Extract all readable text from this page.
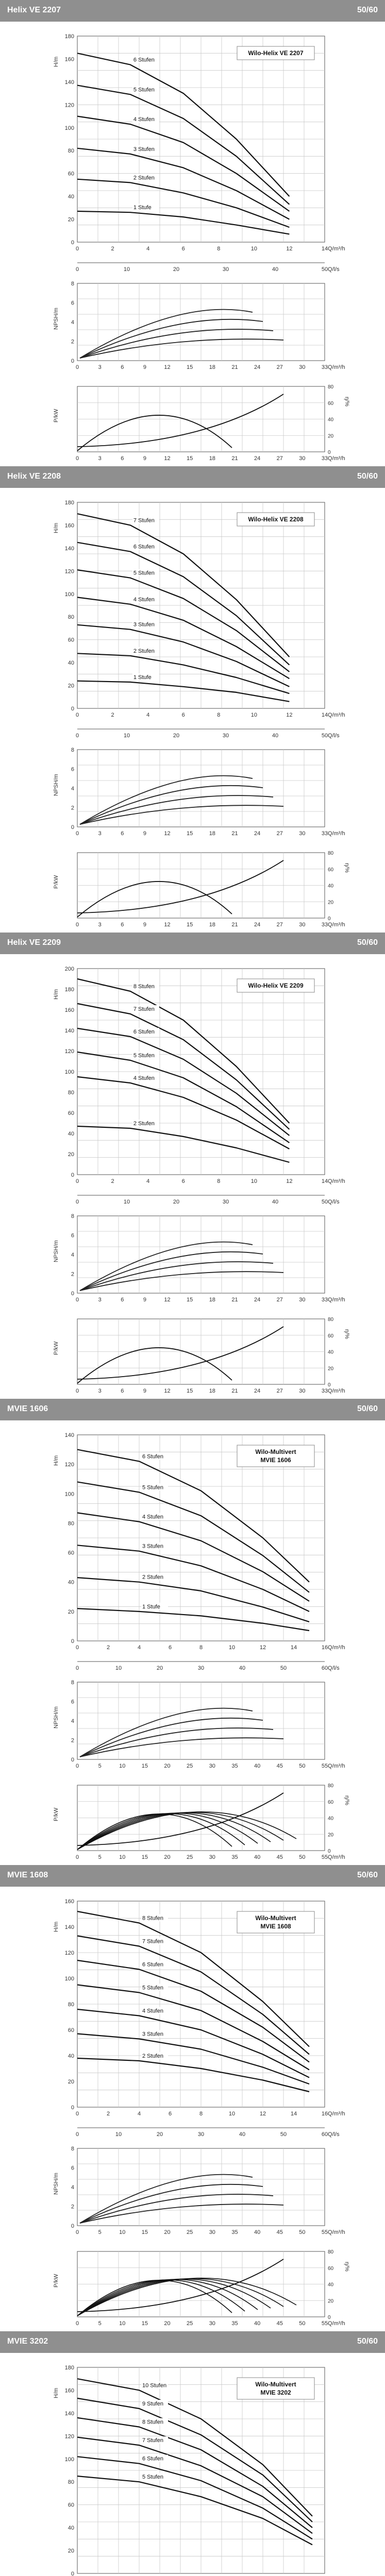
Helix VE 2207	50/60
0
20
40
60
80
100
120
140
160
180
H/m
0	2	4	6	8	10	12	14 Q/m³/h
Wilo-Helix VE 2207
6 Stufen
5 Stufen
4 Stufen
3 Stufen
2 Stufen
1 Stufe
0	10	20	30	40	50 Q/l/s
NPSH/m
0
2
4
6
8
0	3	6	9	12	15	18	21	24	27	30	33 Q/m³/h
P/kW
η/%
0
20
40
60
80
0	3	6	9	12	15	18	21	24	27	30	33 Q/m³/h
Helix VE 2208	50/60
0
20
40
60
80
100
120
140
160
180
H/m
0	2	4	6	8	10	12	14 Q/m³/h
Wilo-Helix VE 2208
7 Stufen
6 Stufen
5 Stufen
4 Stufen
3 Stufen
2 Stufen
1 Stufe
0	10	20	30	40	50 Q/l/s
NPSH/m
0
2
4
6
8
0	3	6	9	12	15	18	21	24	27	30	33 Q/m³/h
P/kW
η/%
0
20
40
60
80
0	3	6	9	12	15	18	21	24	27	30	33 Q/m³/h
Helix VE 2209	50/60
0
20
40
60
80
100
120
140
160
180
200
H/m
0	2	4	6	8	10	12	14 Q/m³/h
Wilo-Helix VE 2209
8 Stufen
7 Stufen
6 Stufen
5 Stufen
4 Stufen
2 Stufen
0	10	20	30	40	50 Q/l/s
NPSH/m
0
2
4
6
8
0	3	6	9	12	15	18	21	24	27	30	33 Q/m³/h
P/kW
η/%
0
20
40
60
80
0	3	6	9	12	15	18	21	24	27	30	33 Q/m³/h
MVIE 1606	50/60
0
20
40
60
80
100
120
140
H/m
0	2	4	6	8	10	12	14	16 Q/m³/h
Wilo-Multivert
MVIE 1606
6 Stufen
5 Stufen
4 Stufen
3 Stufen
2 Stufen
1 Stufe
0	10	20	30	40	50	60 Q/l/s
NPSH/m
0
2
4
6
8
0	5	10	15	20	25	30	35	40	45	50	55 Q/m³/h
P/kW
η/%
0
20
40
60
80
0	5	10	15	20	25	30	35	40	45	50	55 Q/m³/h
MVIE 1608	50/60
0
20
40
60
80
100
120
140
160
H/m
0	2	4	6	8	10	12	14	16 Q/m³/h
Wilo-Multivert
MVIE 1608
8 Stufen
7 Stufen
6 Stufen
5 Stufen
4 Stufen
3 Stufen
2 Stufen
0	10	20	30	40	50	60 Q/l/s
NPSH/m
0
2
4
6
8
0	5	10	15	20	25	30	35	40	45	50	55 Q/m³/h
P/kW
η/%
0
20
40
60
80
0	5	10	15	20	25	30	35	40	45	50	55 Q/m³/h
MVIE 3202	50/60
0
20
40
60
80
100
120
140
160
180
H/m
Wilo-Multivert
MVIE 3202
10 Stufen
9 Stufen
8 Stufen
7 Stufen
6 Stufen
5 Stufen
